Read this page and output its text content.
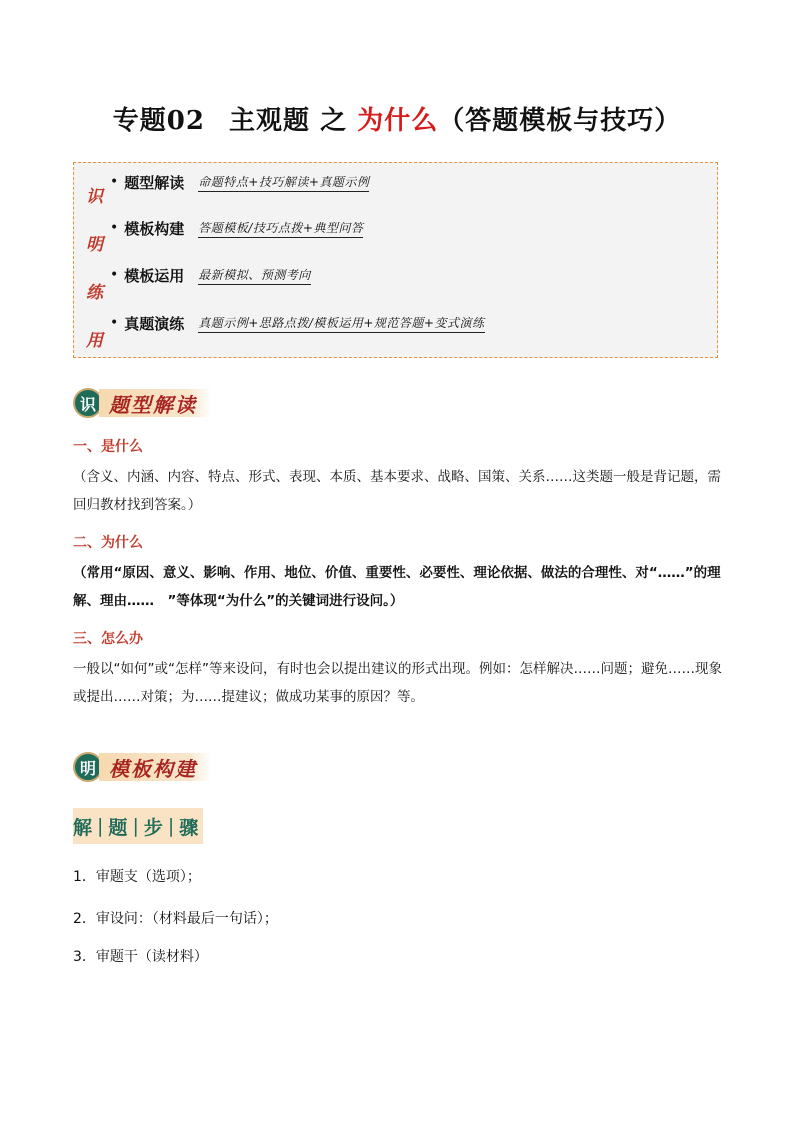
专题02 主观题 之 为什么（答题模板与技巧）
识
明
练
用
• 题型解读 命题特点+技巧解读+真题示例
• 模板构建 答题模板/技巧点拨+典型问答
• 模板运用 最新模拟、预测考向
• 真题演练 真题示例+思路点拨/模板运用+规范答题+变式演练
识 题型解读
一、是什么
（含义、内涵、内容、特点、形式、表现、本质、基本要求、战略、国策、关系……这类题一般是背记题，需回归教材找到答案。）
二、为什么
（常用“原因、意义、影响、作用、地位、价值、重要性、必要性、理论依据、做法的合理性、对“……”的理解、理由……　”等体现“为什么”的关键词进行设问。）
三、怎么办
一般以“如何”或“怎样”等来设问，有时也会以提出建议的形式出现。例如：怎样解决……问题；避免……现象或提出……对策；为……提建议；做成功某事的原因？等。
明 模板构建
解 | 题 | 步 | 骤
1．审题支（选项）；
2．审设问：（材料最后一句话）；
3．审题干（读材料）
